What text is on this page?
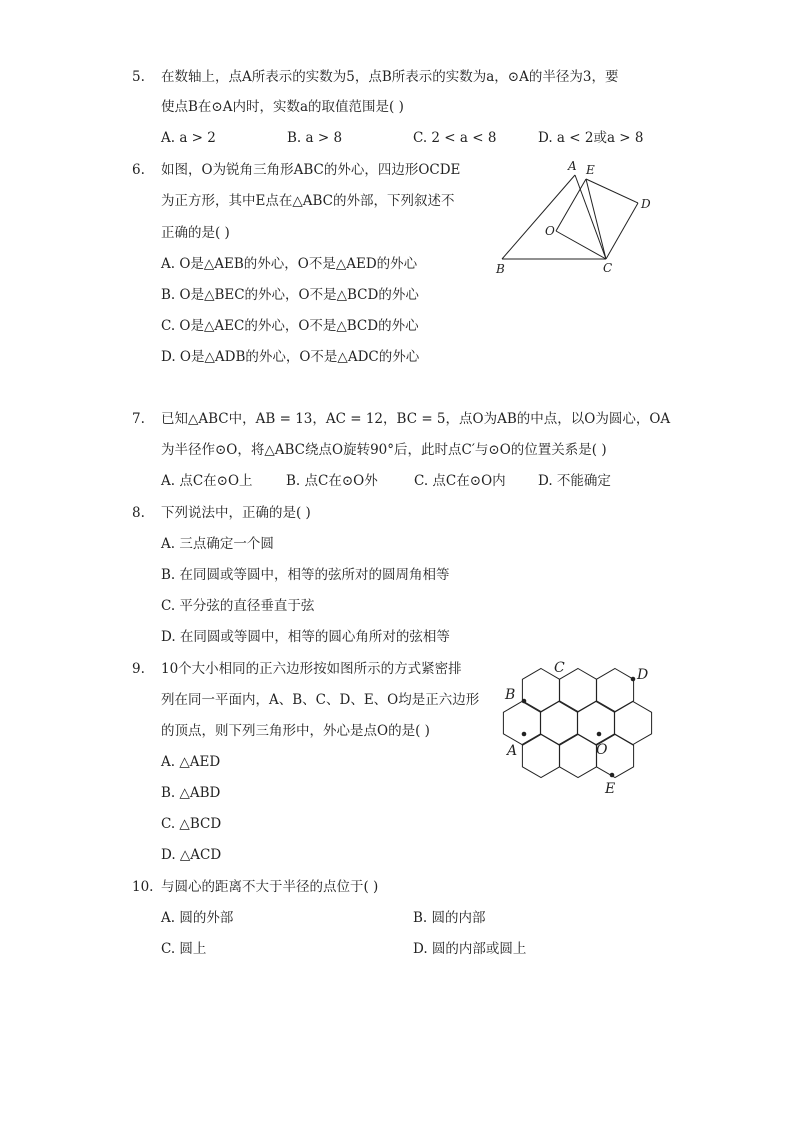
5. 在数轴上，点A所表示的实数为5，点B所表示的实数为a，⊙A的半径为3，要
使点B在⊙A内时，实数a的取值范围是( )
A. a > 2	B. a > 8	C. 2 < a < 8	D. a < 2或a > 8
6. 如图，O为锐角三角形ABC的外心，四边形OCDE
为正方形，其中E点在△ABC的外部，下列叙述不
正确的是( )
A. O是△AEB的外心，O不是△AED的外心
B. O是△BEC的外心，O不是△BCD的外心
C. O是△AEC的外心，O不是△BCD的外心
D. O是△ADB的外心，O不是△ADC的外心
A E
D
O
B	C
7. 已知△ABC中，AB = 13，AC = 12，BC = 5，点O为AB的中点，以O为圆心，OA
为半径作⊙O，将△ABC绕点O旋转90°后，此时点C′与⊙O的位置关系是( )
A. 点C在⊙O上 B. 点C在⊙O外	C. 点C在⊙O内 D. 不能确定
8. 下列说法中，正确的是( )
A. 三点确定一个圆
B. 在同圆或等圆中，相等的弦所对的圆周角相等
C. 平分弦的直径垂直于弦
D. 在同圆或等圆中，相等的圆心角所对的弦相等
9. 10个大小相同的正六边形按如图所示的方式紧密排
列在同一平面内，A、B、C、D、E、O均是正六边形
的顶点，则下列三角形中，外心是点O的是( )
A. △AED
B. △ABD
C. △BCD
D. △ACD
C	D
B
A	O
E
10. 与圆心的距离不大于半径的点位于( )
A. 圆的外部	B. 圆的内部
C. 圆上	D. 圆的内部或圆上
